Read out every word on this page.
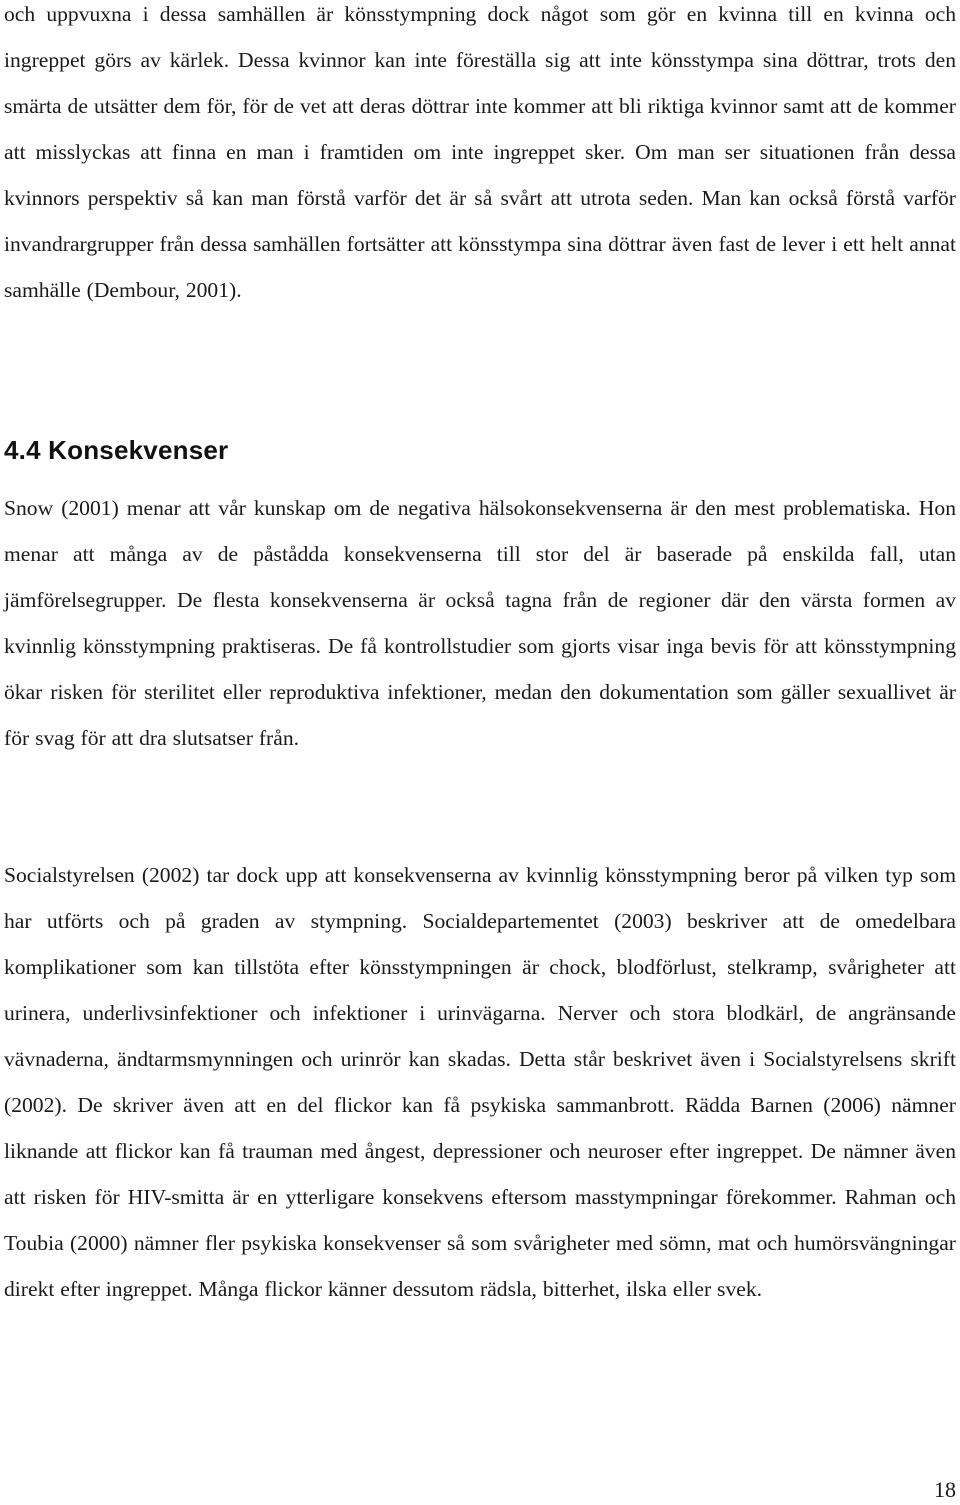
och uppvuxna i dessa samhällen är könsstympning dock något som gör en kvinna till en kvinna och ingreppet görs av kärlek. Dessa kvinnor kan inte föreställa sig att inte könsstympa sina döttrar, trots den smärta de utsätter dem för, för de vet att deras döttrar inte kommer att bli riktiga kvinnor samt att de kommer att misslyckas att finna en man i framtiden om inte ingreppet sker. Om man ser situationen från dessa kvinnors perspektiv så kan man förstå varför det är så svårt att utrota seden. Man kan också förstå varför invandrargrupper från dessa samhällen fortsätter att könsstympa sina döttrar även fast de lever i ett helt annat samhälle (Dembour, 2001).

4.4 Konsekvenser

Snow (2001) menar att vår kunskap om de negativa hälsokonsekvenserna är den mest problematiska. Hon menar att många av de påstådda konsekvenserna till stor del är baserade på enskilda fall, utan jämförelsegrupper. De flesta konsekvenserna är också tagna från de regioner där den värsta formen av kvinnlig könsstympning praktiseras. De få kontrollstudier som gjorts visar inga bevis för att könsstympning ökar risken för sterilitet eller reproduktiva infektioner, medan den dokumentation som gäller sexuallivet är för svag för att dra slutsatser från.

Socialstyrelsen (2002) tar dock upp att konsekvenserna av kvinnlig könsstympning beror på vilken typ som har utförts och på graden av stympning. Socialdepartementet (2003) beskriver att de omedelbara komplikationer som kan tillstöta efter könsstympningen är chock, blodförlust, stelkramp, svårigheter att urinera, underlivsinfektioner och infektioner i urinvägarna. Nerver och stora blodkärl, de angränsande vävnaderna, ändtarmsmynningen och urinrör kan skadas. Detta står beskrivet även i Socialstyrelsens skrift (2002). De skriver även att en del flickor kan få psykiska sammanbrott. Rädda Barnen (2006) nämner liknande att flickor kan få trauman med ångest, depressioner och neuroser efter ingreppet. De nämner även att risken för HIV-smitta är en ytterligare konsekvens eftersom masstympningar förekommer. Rahman och Toubia (2000) nämner fler psykiska konsekvenser så som svårigheter med sömn, mat och humörsvängningar direkt efter ingreppet. Många flickor känner dessutom rädsla, bitterhet, ilska eller svek.

18
